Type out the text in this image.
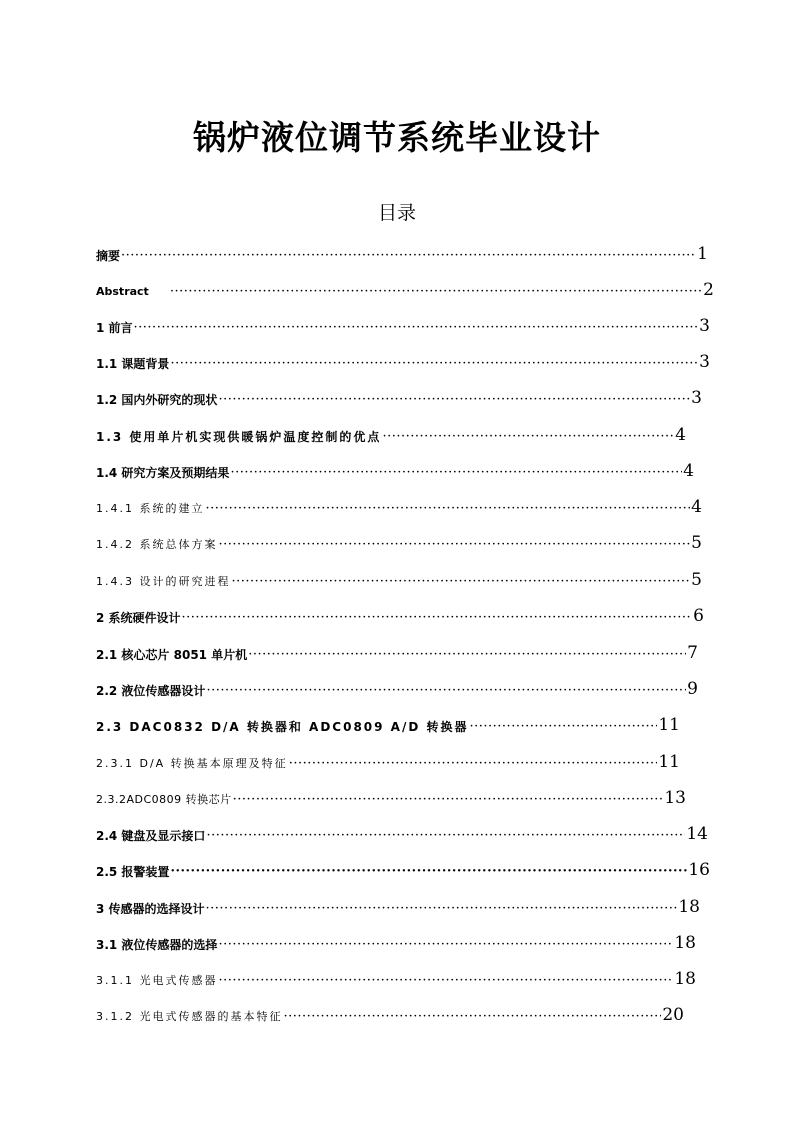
锅炉液位调节系统毕业设计
目录
摘要 ·····	1
Abstract ·····	2
1 前言 ·····	3
1.1 课题背景 ·····	3
1.2 国内外研究的现状 ·····	3
1.3 使用单片机实现供暖锅炉温度控制的优点 ·····	4
1.4 研究方案及预期结果 ·····	4
1.4.1 系统的建立 ·····	4
1.4.2 系统总体方案 ·····	5
1.4.3 设计的研究进程 ·····	5
2 系统硬件设计 ·····	6
2.1 核心芯片 8051 单片机 ·····	7
2.2 液位传感器设计 ·····	9
2.3 DAC0832 D/A 转换器和 ADC0809 A/D 转换器 ·····	11
2.3.1 D/A 转换基本原理及特征 ·····	11
2.3.2ADC0809 转换芯片 ·····	13
2.4 键盘及显示接口 ·····	14
2.5 报警装置 ·····	16
3 传感器的选择设计 ·····	18
3.1 液位传感器的选择 ·····	18
3.1.1 光电式传感器 ·····	18
3.1.2 光电式传感器的基本特征 ·····	20
